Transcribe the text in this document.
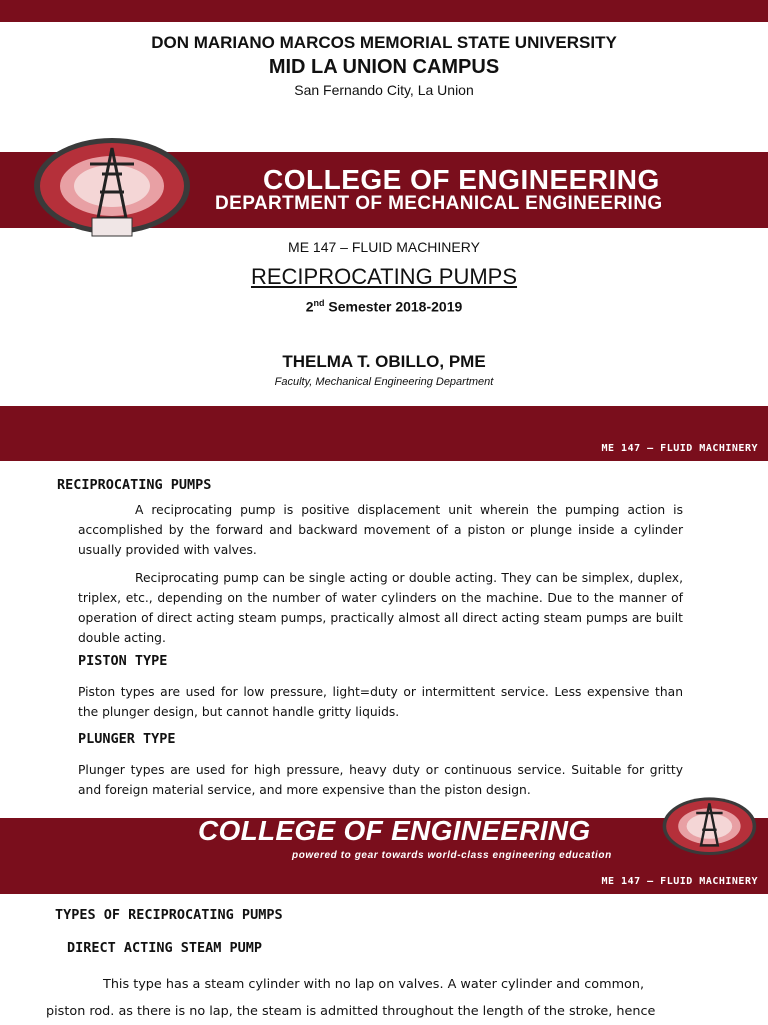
DON MARIANO MARCOS MEMORIAL STATE UNIVERSITY
MID LA UNION CAMPUS
San Fernando City, La Union
COLLEGE OF ENGINEERING
DEPARTMENT OF MECHANICAL ENGINEERING
ME 147 – FLUID MACHINERY
RECIPROCATING PUMPS
2nd Semester 2018-2019
THELMA T. OBILLO, PME
Faculty, Mechanical Engineering Department
ME 147 – FLUID MACHINERY
RECIPROCATING PUMPS
A reciprocating pump is positive displacement unit wherein the pumping action is accomplished by the forward and backward movement of a piston or plunge inside a cylinder usually provided with valves.
Reciprocating pump can be single acting or double acting. They can be simplex, duplex, triplex, etc., depending on the number of water cylinders on the machine. Due to the manner of operation of direct acting steam pumps, practically almost all direct acting steam pumps are built double acting.
PISTON TYPE
Piston types are used for low pressure, light=duty or intermittent service. Less expensive than the plunger design, but cannot handle gritty liquids.
PLUNGER TYPE
Plunger types are used for high pressure, heavy duty or continuous service. Suitable for gritty and foreign material service, and more expensive than the piston design.
COLLEGE OF ENGINEERING
powered to gear towards world-class engineering education
ME 147 – FLUID MACHINERY
TYPES OF RECIPROCATING PUMPS
DIRECT ACTING STEAM PUMP
This type has a steam cylinder with no lap on valves. A water cylinder and common,
piston rod. as there is no lap, the steam is admitted throughout the length of the stroke, hence
